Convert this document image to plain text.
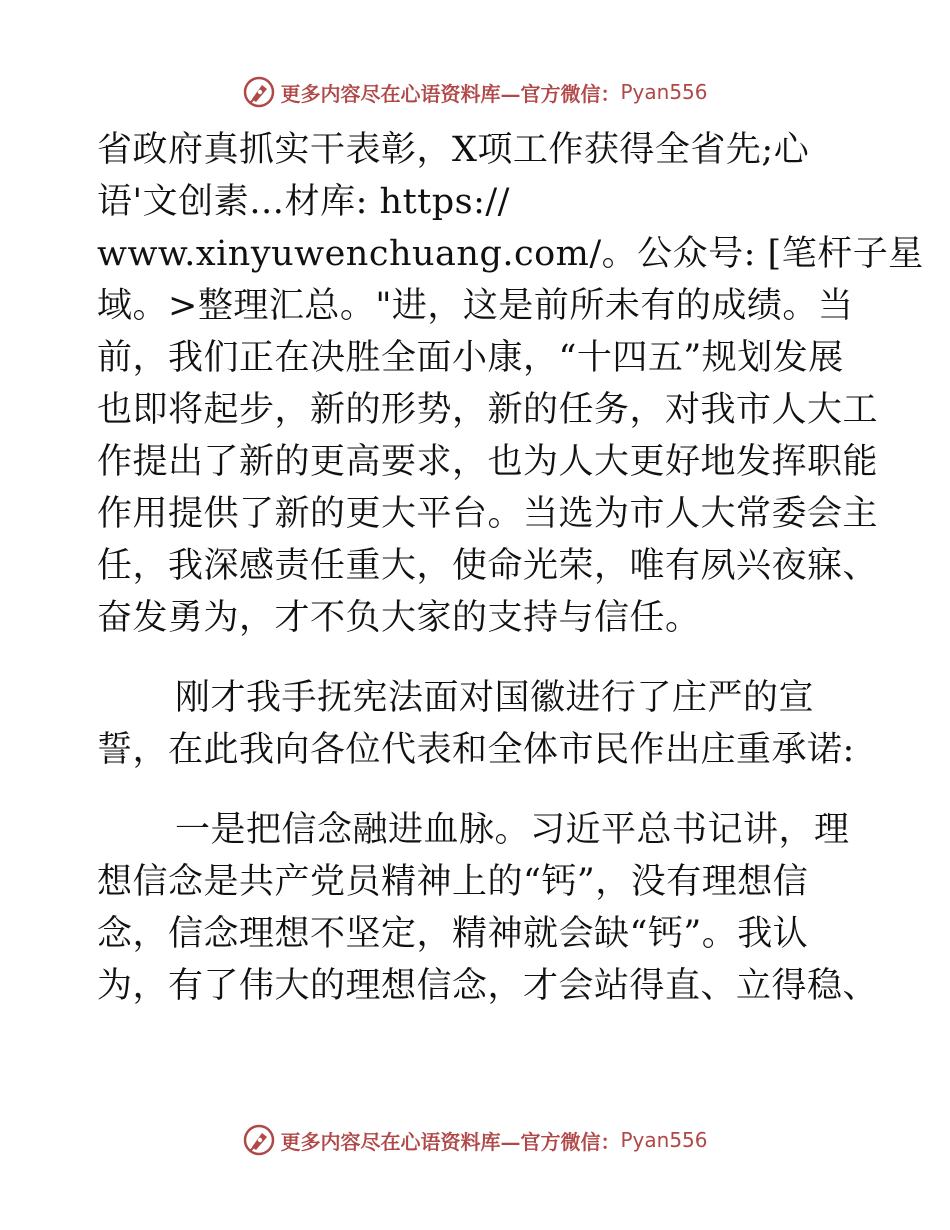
更多内容尽在心语资料库—官方微信： Pyan556
省政府真抓实干表彰，X项工作获得全省先;心
语'文创素…材库: https://
www.xinyuwenchuang.com/。公众号: [笔杆子星
域。>整理汇总。"进，这是前所未有的成绩。当
前，我们正在决胜全面小康，“十四五”规划发展
也即将起步，新的形势，新的任务，对我市人大工
作提出了新的更高要求，也为人大更好地发挥职能
作用提供了新的更大平台。当选为市人大常委会主
任，我深感责任重大，使命光荣，唯有夙兴夜寐、
奋发勇为，才不负大家的支持与信任。
刚才我手抚宪法面对国徽进行了庄严的宣
誓，在此我向各位代表和全体市民作出庄重承诺:
一是把信念融进血脉。习近平总书记讲，理
想信念是共产党员精神上的“钙”，没有理想信
念，信念理想不坚定，精神就会缺“钙”。我认
为，有了伟大的理想信念，才会站得直、立得稳、
更多内容尽在心语资料库—官方微信： Pyan556
